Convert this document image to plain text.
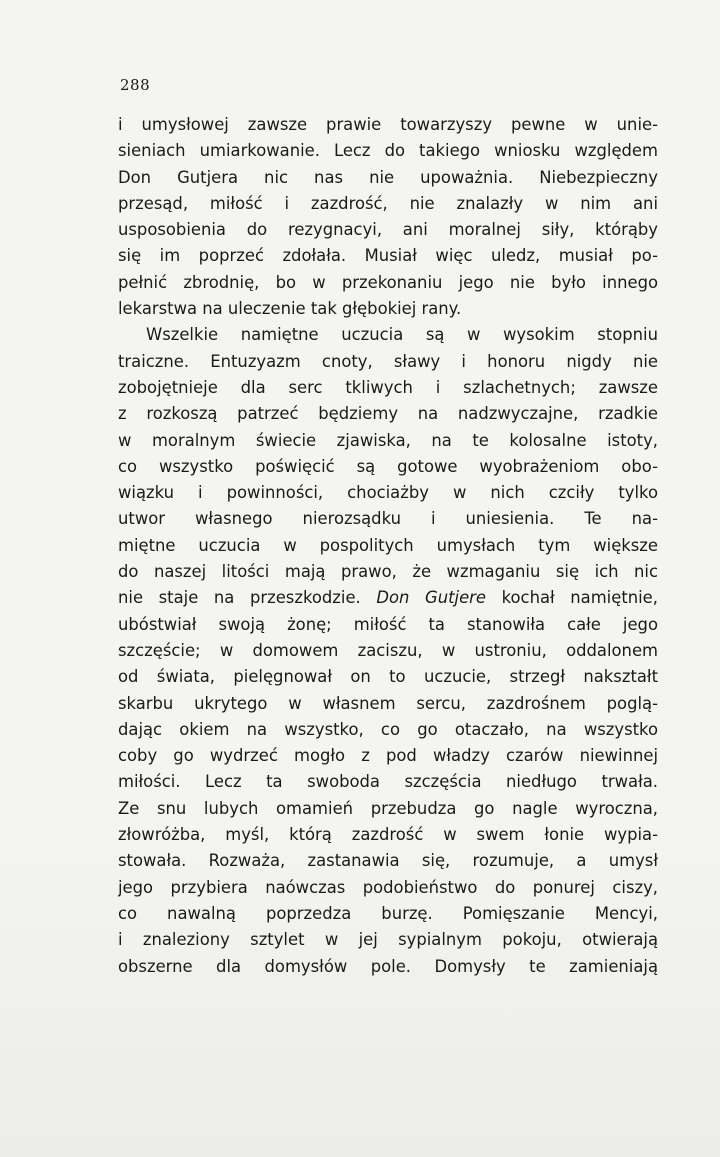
288
i umysłowej zawsze prawie towarzyszy pewne w unie-
sieniach umiarkowanie. Lecz do takiego wniosku względem
Don Gutjera nic nas nie upoważnia. Niebezpieczny
przesąd, miłość i zazdrość, nie znalazły w nim ani
usposobienia do rezygnacyi, ani moralnej siły, którąby
się im poprzeć zdołała. Musiał więc uledz, musiał po-
pełnić zbrodnię, bo w przekonaniu jego nie było innego
lekarstwa na uleczenie tak głębokiej rany.
Wszelkie namiętne uczucia są w wysokim stopniu
traiczne. Entuzyazm cnoty, sławy i honoru nigdy nie
zobojętnieje dla serc tkliwych i szlachetnych; zawsze
z rozkoszą patrzeć będziemy na nadzwyczajne, rzadkie
w moralnym świecie zjawiska, na te kolosalne istoty,
co wszystko poświęcić są gotowe wyobrażeniom obo-
wiązku i powinności, chociażby w nich czciły tylko
utwor własnego nierozsądku i uniesienia. Te na-
miętne uczucia w pospolitych umysłach tym większe
do naszej litości mają prawo, że wzmaganiu się ich nic
nie staje na przeszkodzie. Don Gutjere kochał namiętnie,
ubóstwiał swoją żonę; miłość ta stanowiła całe jego
szczęście; w domowem zaciszu, w ustroniu, oddalonem
od świata, pielęgnował on to uczucie, strzegł nakształt
skarbu ukrytego w własnem sercu, zazdrośnem poglą-
dając okiem na wszystko, co go otaczało, na wszystko
coby go wydrzeć mogło z pod władzy czarów niewinnej
miłości. Lecz ta swoboda szczęścia niedługo trwała.
Ze snu lubych omamień przebudza go nagle wyroczna,
złowróżba, myśl, którą zazdrość w swem łonie wypia-
stowała. Rozważa, zastanawia się, rozumuje, a umysł
jego przybiera naówczas podobieństwo do ponurej ciszy,
co nawalną poprzedza burzę. Pomięszanie Mencyi,
i znaleziony sztylet w jej sypialnym pokoju, otwierają
obszerne dla domysłów pole. Domysły te zamieniają
